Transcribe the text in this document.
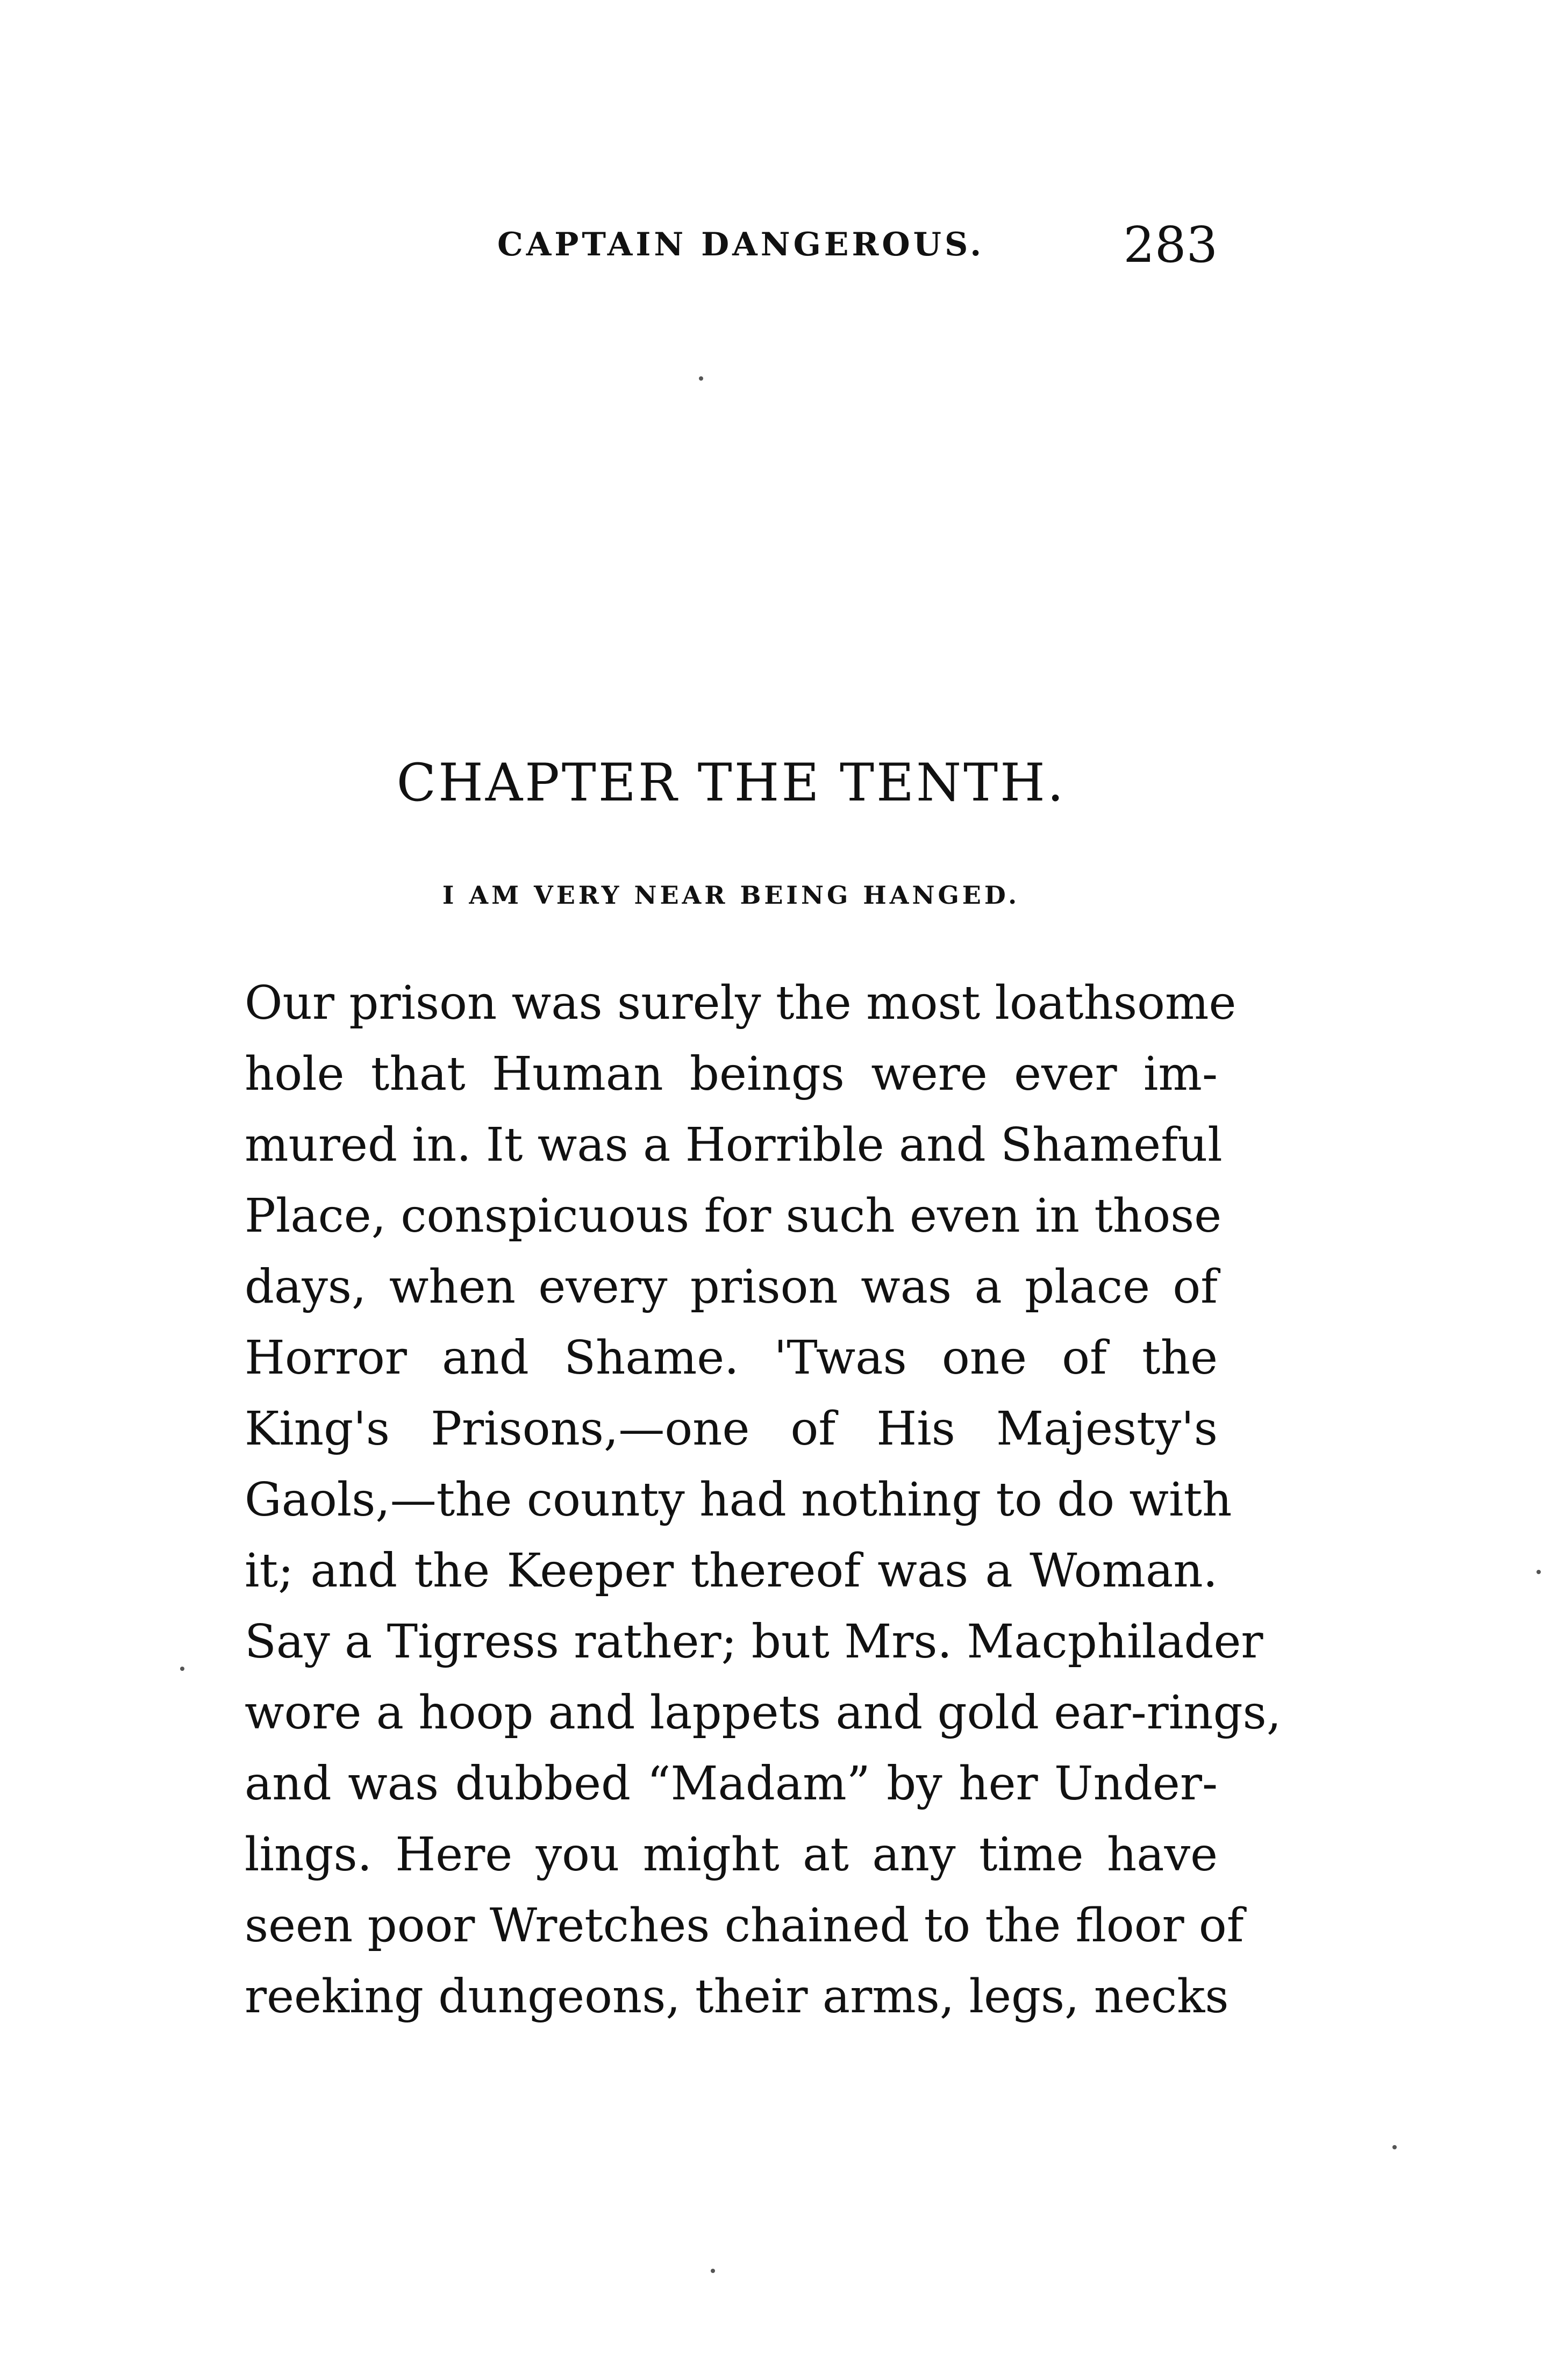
CAPTAIN DANGEROUS.	283
CHAPTER THE TENTH.
I AM VERY NEAR BEING HANGED.
Our prison was surely the most loathsome
hole that Human beings were ever im-
mured in. It was a Horrible and Shameful
Place, conspicuous for such even in those
days, when every prison was a place of
Horror and Shame. 'Twas one of the
King's Prisons,—one of His Majesty's
Gaols,—the county had nothing to do with
it; and the Keeper thereof was a Woman.
Say a Tigress rather; but Mrs. Macphilader
wore a hoop and lappets and gold ear-rings,
and was dubbed “Madam” by her Under-
lings. Here you might at any time have
seen poor Wretches chained to the floor of
reeking dungeons, their arms, legs, necks
